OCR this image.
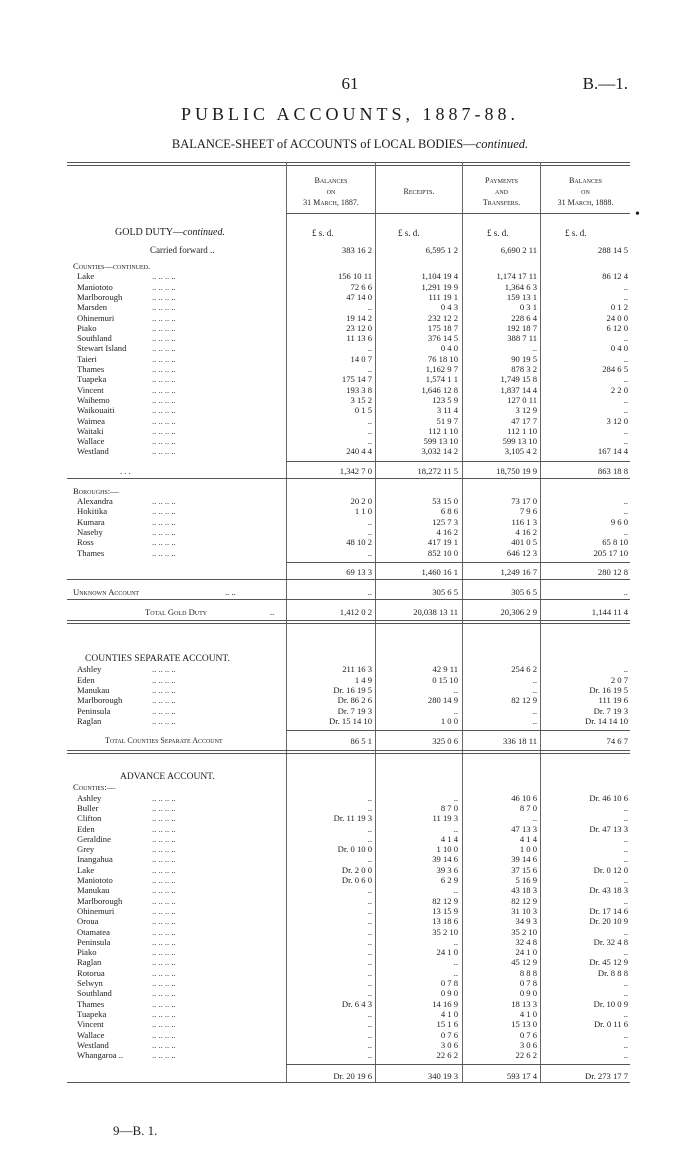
61	B.—1.
PUBLIC ACCOUNTS, 1887-88.
BALANCE-SHEET of ACCOUNTS of LOCAL BODIES—continued.
•
9—B. 1.
Balances
on
31 March, 1887.
Receipts.
Payments
and
Transfers.
Balances
on
31 March, 1888.
GOLD DUTY—continued.	£ s. d.	£ s. d.	£ s. d.	£ s. d.
Carried forward ..	383 16 2	6,595 1 2	6,690 2 11	288 14 5
Counties—continued.
Lake	.. .. .. ..	156 10 11	1,104 19 4	1,174 17 11	86 12 4
Maniototo	.. .. .. ..	72 6 6	1,291 19 9	1,364 6 3	..
Marlborough	.. .. .. ..	47 14 0	111 19 1	159 13 1	..
Marsden	.. .. .. ..	..	0 4 3	0 3 1	0 1 2
Ohinemuri	.. .. .. ..	19 14 2	232 12 2	228 6 4	24 0 0
Piako	.. .. .. ..	23 12 0	175 18 7	192 18 7	6 12 0
Southland	.. .. .. ..	11 13 6	376 14 5	388 7 11	..
Stewart Island	.. .. .. ..	..	0 4 0	..	0 4 0
Taieri	.. .. .. ..	14 0 7	76 18 10	90 19 5	..
Thames	.. .. .. ..	..	1,162 9 7	878 3 2	284 6 5
Tuapeka	.. .. .. ..	175 14 7	1,574 1 1	1,749 15 8	..
Vincent	.. .. .. ..	193 3 8	1,646 12 8	1,837 14 4	2 2 0
Waihemo	.. .. .. ..	3 15 2	123 5 9	127 0 11	..
Waikouaiti	.. .. .. ..	0 1 5	3 11 4	3 12 9	..
Waimea	.. .. .. ..	..	51 9 7	47 17 7	3 12 0
Waitaki	.. .. .. ..	..	112 1 10	112 1 10	..
Wallace	.. .. .. ..	..	599 13 10	599 13 10	..
Westland	.. .. .. ..	240 4 4	3,032 14 2	3,105 4 2	167 14 4
. . .	1,342 7 0	18,272 11 5	18,750 19 9	863 18 8
Boroughs:—
Alexandra	.. .. .. ..	20 2 0	53 15 0	73 17 0	..
Hokitika	.. .. .. ..	1 1 0	6 8 6	7 9 6	..
Kumara	.. .. .. ..	..	125 7 3	116 1 3	9 6 0
Naseby	.. .. .. ..	..	4 16 2	4 16 2	..
Ross	.. .. .. ..	48 10 2	417 19 1	401 0 5	65 8 10
Thames	.. .. .. ..	..	852 10 0	646 12 3	205 17 10
69 13 3	1,460 16 1	1,249 16 7	280 12 8
Unknown Account	.. ..	..	305 6 5	305 6 5	..
Total Gold Duty	..	1,412 0 2	20,038 13 11	20,306 2 9	1,144 11 4
COUNTIES SEPARATE ACCOUNT.
Ashley	.. .. .. ..	211 16 3	42 9 11	254 6 2	..
Eden	.. .. .. ..	1 4 9	0 15 10	..	2 0 7
Manukau	.. .. .. ..	Dr. 16 19 5	..	..	Dr. 16 19 5
Marlborough	.. .. .. ..	Dr. 86 2 6	280 14 9	82 12 9	111 19 6
Peninsula	.. .. .. ..	Dr. 7 19 3	..	..	Dr. 7 19 3
Raglan	.. .. .. ..	Dr. 15 14 10	1 0 0	..	Dr. 14 14 10
Total Counties Separate Account	86 5 1	325 0 6	336 18 11	74 6 7
ADVANCE ACCOUNT.
Counties:—
Ashley	.. .. .. ..	..	..	46 10 6	Dr. 46 10 6
Buller	.. .. .. ..	..	8 7 0	8 7 0	..
Clifton	.. .. .. ..	Dr. 11 19 3	11 19 3	..	..
Eden	.. .. .. ..	..	..	47 13 3	Dr. 47 13 3
Geraldine	.. .. .. ..	..	4 1 4	4 1 4	..
Grey	.. .. .. ..	Dr. 0 10 0	1 10 0	1 0 0	..
Inangahua	.. .. .. ..	..	39 14 6	39 14 6	..
Lake	.. .. .. ..	Dr. 2 0 0	39 3 6	37 15 6	Dr. 0 12 0
Maniototo	.. .. .. ..	Dr. 0 6 0	6 2 9	5 16 9	..
Manukau	.. .. .. ..	..	..	43 18 3	Dr. 43 18 3
Marlborough	.. .. .. ..	..	82 12 9	82 12 9	..
Ohinemuri	.. .. .. ..	..	13 15 9	31 10 3	Dr. 17 14 6
Oroua	.. .. .. ..	..	13 18 6	34 9 3	Dr. 20 10 9
Otamatea	.. .. .. ..	..	35 2 10	35 2 10	..
Peninsula	.. .. .. ..	..	..	32 4 8	Dr. 32 4 8
Piako	.. .. .. ..	..	24 1 0	24 1 0	..
Raglan	.. .. .. ..	..	..	45 12 9	Dr. 45 12 9
Rotorua	.. .. .. ..	..	..	8 8 8	Dr. 8 8 8
Selwyn	.. .. .. ..	..	0 7 8	0 7 8	..
Southland	.. .. .. ..	..	0 9 0	0 9 0	..
Thames	.. .. .. ..	Dr. 6 4 3	14 16 9	18 13 3	Dr. 10 0 9
Tuapeka	.. .. .. ..	..	4 1 0	4 1 0	..
Vincent	.. .. .. ..	..	15 1 6	15 13 0	Dr. 0 11 6
Wallace	.. .. .. ..	..	0 7 6	0 7 6	..
Westland	.. .. .. ..	..	3 0 6	3 0 6	..
Whangaroa ..	.. .. .. ..	..	22 6 2	22 6 2	..
Dr. 20 19 6	340 19 3	593 17 4	Dr. 273 17 7
